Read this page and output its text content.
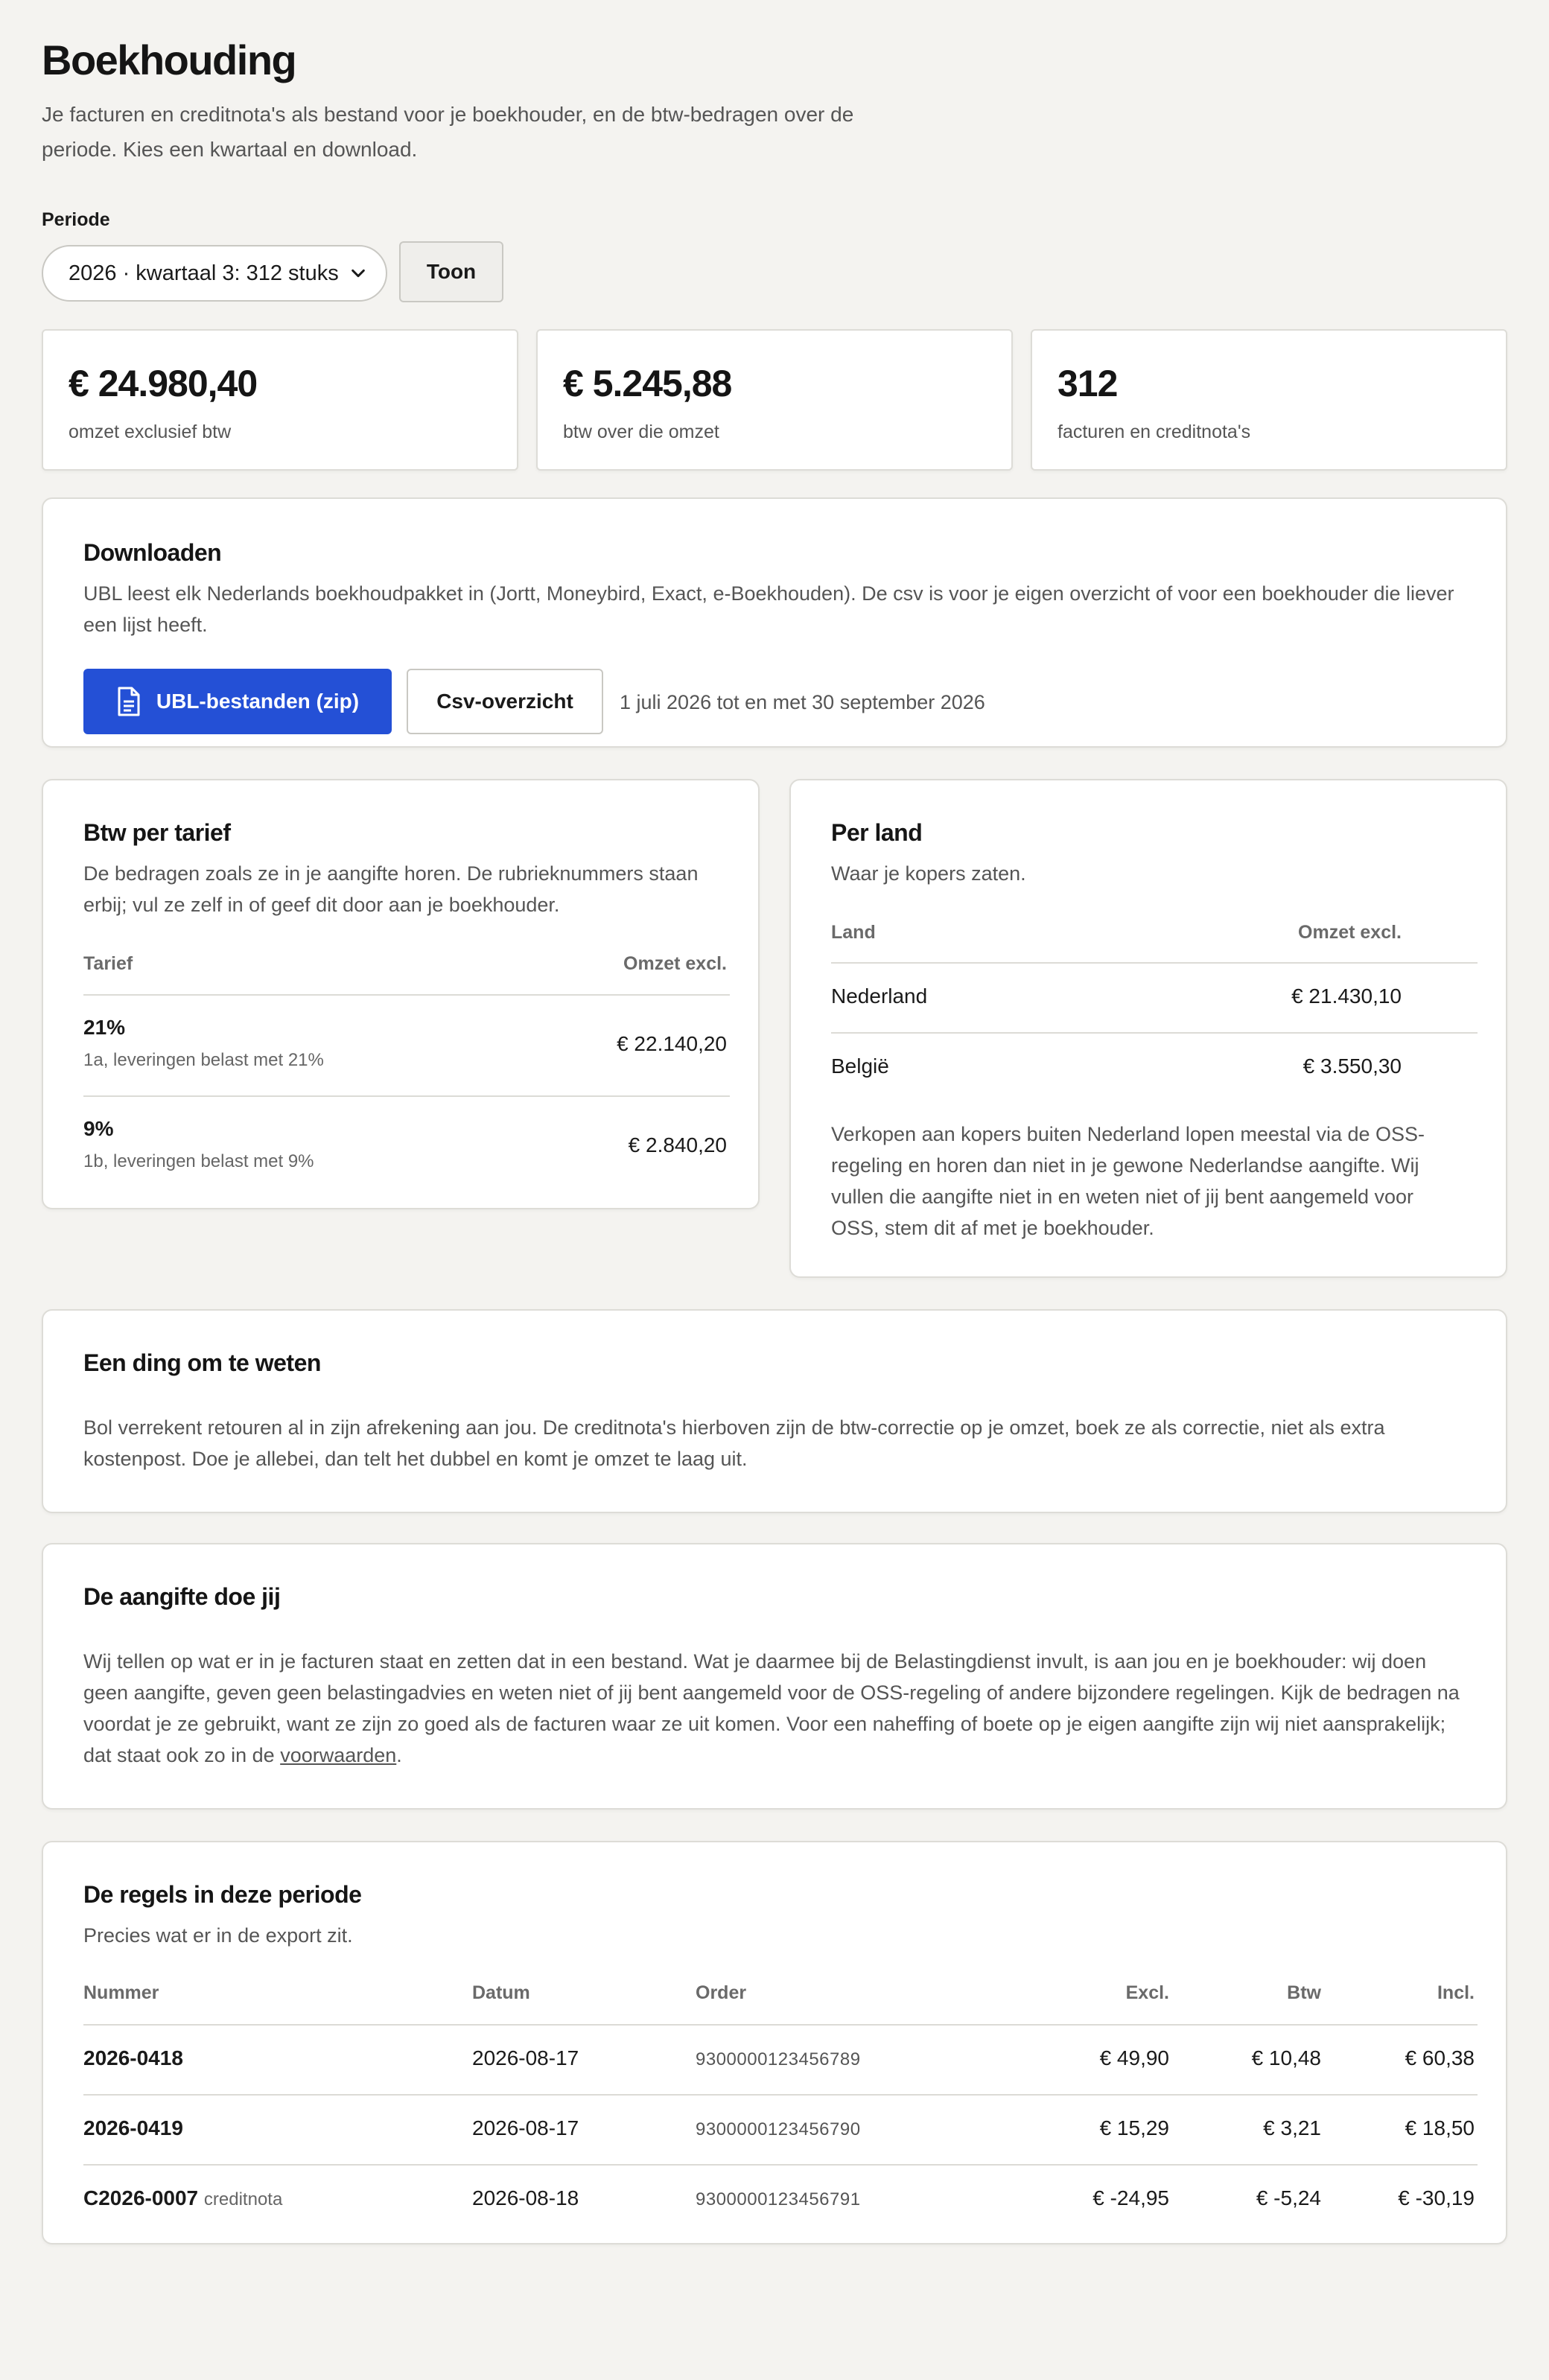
Boekhouding
Je facturen en creditnota's als bestand voor je boekhouder, en de btw-bedragen over de periode. Kies een kwartaal en download.
Periode
2026 · kwartaal 3: 312 stuks	Toon
€ 24.980,40
omzet exclusief btw
€ 5.245,88
btw over die omzet
312
facturen en creditnota's
Downloaden
UBL leest elk Nederlands boekhoudpakket in (Jortt, Moneybird, Exact, e-Boekhouden). De csv is voor je eigen overzicht of voor een boekhouder die liever een lijst heeft.
UBL-bestanden (zip)	Csv-overzicht	1 juli 2026 tot en met 30 september 2026
Btw per tarief
De bedragen zoals ze in je aangifte horen. De rubrieknummers staan erbij; vul ze zelf in of geef dit door aan je boekhouder.
Tarief	Omzet excl.
21%
1a, leveringen belast met 21%
€ 22.140,20
9%
1b, leveringen belast met 9%
€ 2.840,20
Per land
Waar je kopers zaten.
Land	Omzet excl.
Nederland	€ 21.430,10
België	€ 3.550,30
Verkopen aan kopers buiten Nederland lopen meestal via de OSS-regeling en horen dan niet in je gewone Nederlandse aangifte. Wij vullen die aangifte niet in en weten niet of jij bent aangemeld voor OSS, stem dit af met je boekhouder.
Een ding om te weten
Bol verrekent retouren al in zijn afrekening aan jou. De creditnota's hierboven zijn de btw-correctie op je omzet, boek ze als correctie, niet als extra kostenpost. Doe je allebei, dan telt het dubbel en komt je omzet te laag uit.
De aangifte doe jij
Wij tellen op wat er in je facturen staat en zetten dat in een bestand. Wat je daarmee bij de Belastingdienst invult, is aan jou en je boekhouder: wij doen geen aangifte, geven geen belastingadvies en weten niet of jij bent aangemeld voor de OSS-regeling of andere bijzondere regelingen. Kijk de bedragen na voordat je ze gebruikt, want ze zijn zo goed als de facturen waar ze uit komen. Voor een naheffing of boete op je eigen aangifte zijn wij niet aansprakelijk; dat staat ook zo in de voorwaarden.
De regels in deze periode
Precies wat er in de export zit.
Nummer	Datum	Order	Excl.	Btw	Incl.
2026-0418	2026-08-17	9300000123456789	€ 49,90	€ 10,48	€ 60,38
2026-0419	2026-08-17	9300000123456790	€ 15,29	€ 3,21	€ 18,50
C2026-0007 creditnota	2026-08-18	9300000123456791	€ -24,95	€ -5,24	€ -30,19
